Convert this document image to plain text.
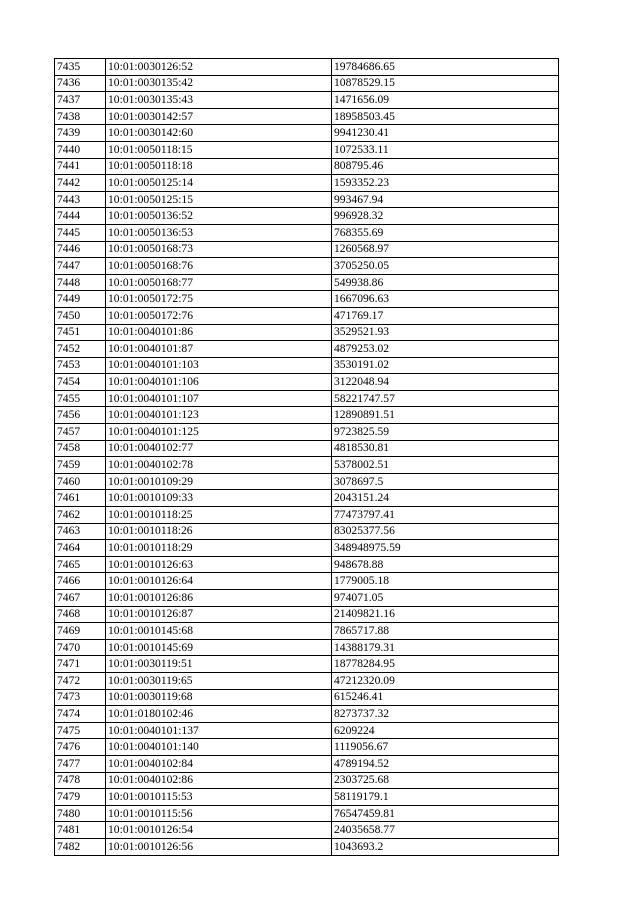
7435	10:01:0030126:52	19784686.65
7436	10:01:0030135:42	10878529.15
7437	10:01:0030135:43	1471656.09
7438	10:01:0030142:57	18958503.45
7439	10:01:0030142:60	9941230.41
7440	10:01:0050118:15	1072533.11
7441	10:01:0050118:18	808795.46
7442	10:01:0050125:14	1593352.23
7443	10:01:0050125:15	993467.94
7444	10:01:0050136:52	996928.32
7445	10:01:0050136:53	768355.69
7446	10:01:0050168:73	1260568.97
7447	10:01:0050168:76	3705250.05
7448	10:01:0050168:77	549938.86
7449	10:01:0050172:75	1667096.63
7450	10:01:0050172:76	471769.17
7451	10:01:0040101:86	3529521.93
7452	10:01:0040101:87	4879253.02
7453	10:01:0040101:103	3530191.02
7454	10:01:0040101:106	3122048.94
7455	10:01:0040101:107	58221747.57
7456	10:01:0040101:123	12890891.51
7457	10:01:0040101:125	9723825.59
7458	10:01:0040102:77	4818530.81
7459	10:01:0040102:78	5378002.51
7460	10:01:0010109:29	3078697.5
7461	10:01:0010109:33	2043151.24
7462	10:01:0010118:25	77473797.41
7463	10:01:0010118:26	83025377.56
7464	10:01:0010118:29	348948975.59
7465	10:01:0010126:63	948678.88
7466	10:01:0010126:64	1779005.18
7467	10:01:0010126:86	974071.05
7468	10:01:0010126:87	21409821.16
7469	10:01:0010145:68	7865717.88
7470	10:01:0010145:69	14388179.31
7471	10:01:0030119:51	18778284.95
7472	10:01:0030119:65	47212320.09
7473	10:01:0030119:68	615246.41
7474	10:01:0180102:46	8273737.32
7475	10:01:0040101:137	6209224
7476	10:01:0040101:140	1119056.67
7477	10:01:0040102:84	4789194.52
7478	10:01:0040102:86	2303725.68
7479	10:01:0010115:53	58119179.1
7480	10:01:0010115:56	76547459.81
7481	10:01:0010126:54	24035658.77
7482	10:01:0010126:56	1043693.2
